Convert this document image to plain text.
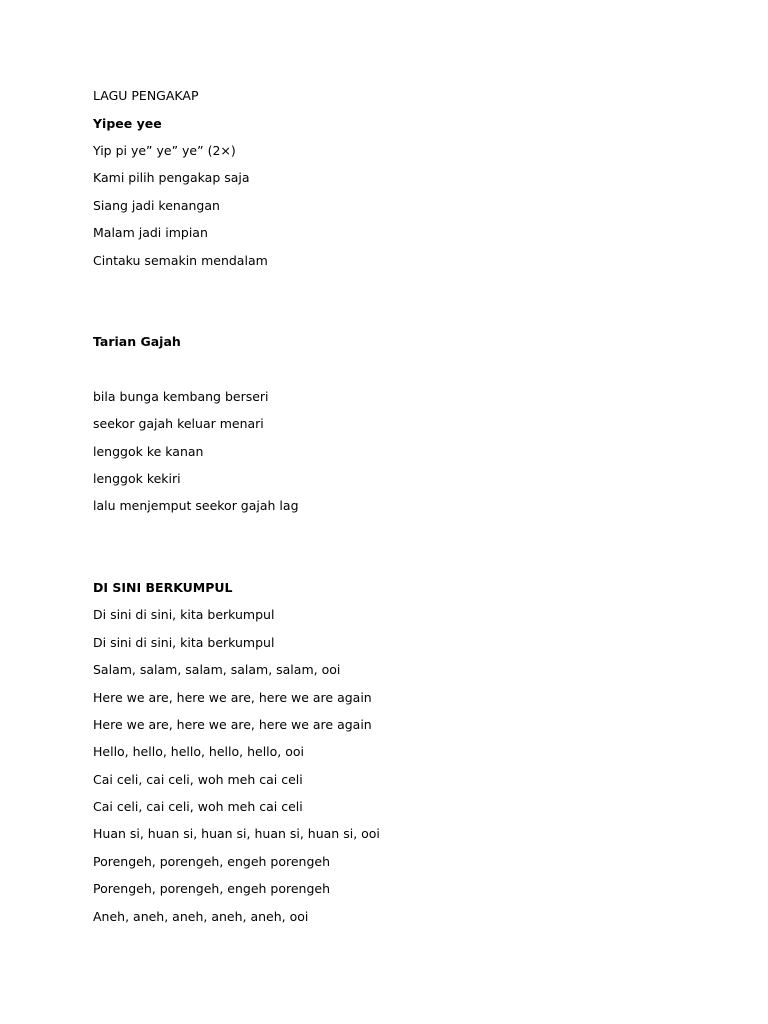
LAGU PENGAKAP
Yipee yee
Yip pi yeˮ yeˮ yeˮ (2×)
Kami pilih pengakap saja
Siang jadi kenangan
Malam jadi impian
Cintaku semakin mendalam
Tarian Gajah
bila bunga kembang berseri
seekor gajah keluar menari
lenggok ke kanan
lenggok kekiri
lalu menjemput seekor gajah lag
DI SINI BERKUMPUL
Di sini di sini, kita berkumpul
Di sini di sini, kita berkumpul
Salam, salam, salam, salam, salam, ooi
Here we are, here we are, here we are again
Here we are, here we are, here we are again
Hello, hello, hello, hello, hello, ooi
Cai celi, cai celi, woh meh cai celi
Cai celi, cai celi, woh meh cai celi
Huan si, huan si, huan si, huan si, huan si, ooi
Porengeh, porengeh, engeh porengeh
Porengeh, porengeh, engeh porengeh
Aneh, aneh, aneh, aneh, aneh, ooi
